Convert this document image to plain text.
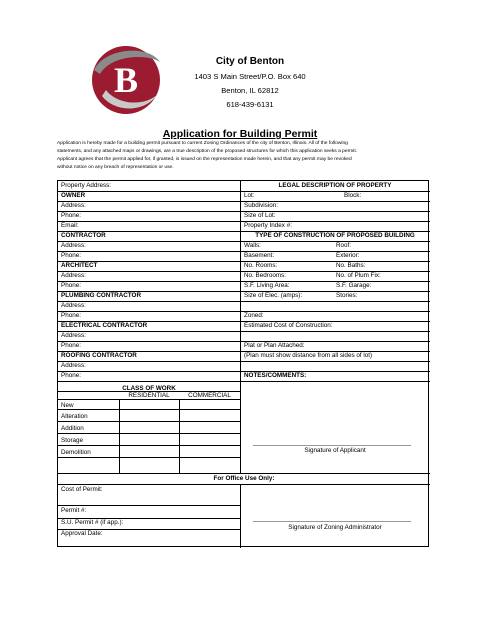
B	City of Benton
1403 S Main Street/P.O. Box 640
Benton, IL 62812
618-439-6131
Application for Building Permit
Application is hereby made for a building permit pursuant to current Zoning Ordinances of the city of Benton, Illinois. All of the following
statements, and any attached maps or drawings, are a true description of the proposed structures for which this application seeks a permit.
Applicant agrees that the permit applied for, if granted, is issued on the representation made herein, and that any permit may be revoked
without notice on any breach of representation or use.
Property Address:
OWNER
Address:
Phone:
Email:
CONTRACTOR
Address:
Phone:
ARCHITECT
Address:
Phone:
PLUMBING CONTRACTOR
Address:
Phone:
ELECTRICAL CONTRACTOR
Address:
Phone:
ROOFING CONTRACTOR
Address:
Phone:
CLASS OF WORK
RESIDENTIAL	COMMERCIAL
New
Alteration
Addition
Storage
Demolition
LEGAL DESCRIPTION OF PROPERTY
Lot:	Block:
Subdivision:
Size of Lot:
Property Index #:
TYPE OF CONSTRUCTION OF PROPOSED BUILDING
Walls:	Roof:
Basement:	Exterior:
No. Rooms:	No. Baths:
No. Bedrooms:	No. of Plum Fix:
S.F. Living Area:	S.F. Garage:
Size of Elec. (amps):	Stories:
Zoned:
Estimated Cost of Construction:
Plat or Plan Attached:
(Plan must show distance from all sides of lot)
NOTES/COMMENTS:
Signature of Applicant
For Office Use Only:
Cost of Permit:
Permit #:
S.U. Permit # (if app.):
Approval Date:
Signature of Zoning Administrator
